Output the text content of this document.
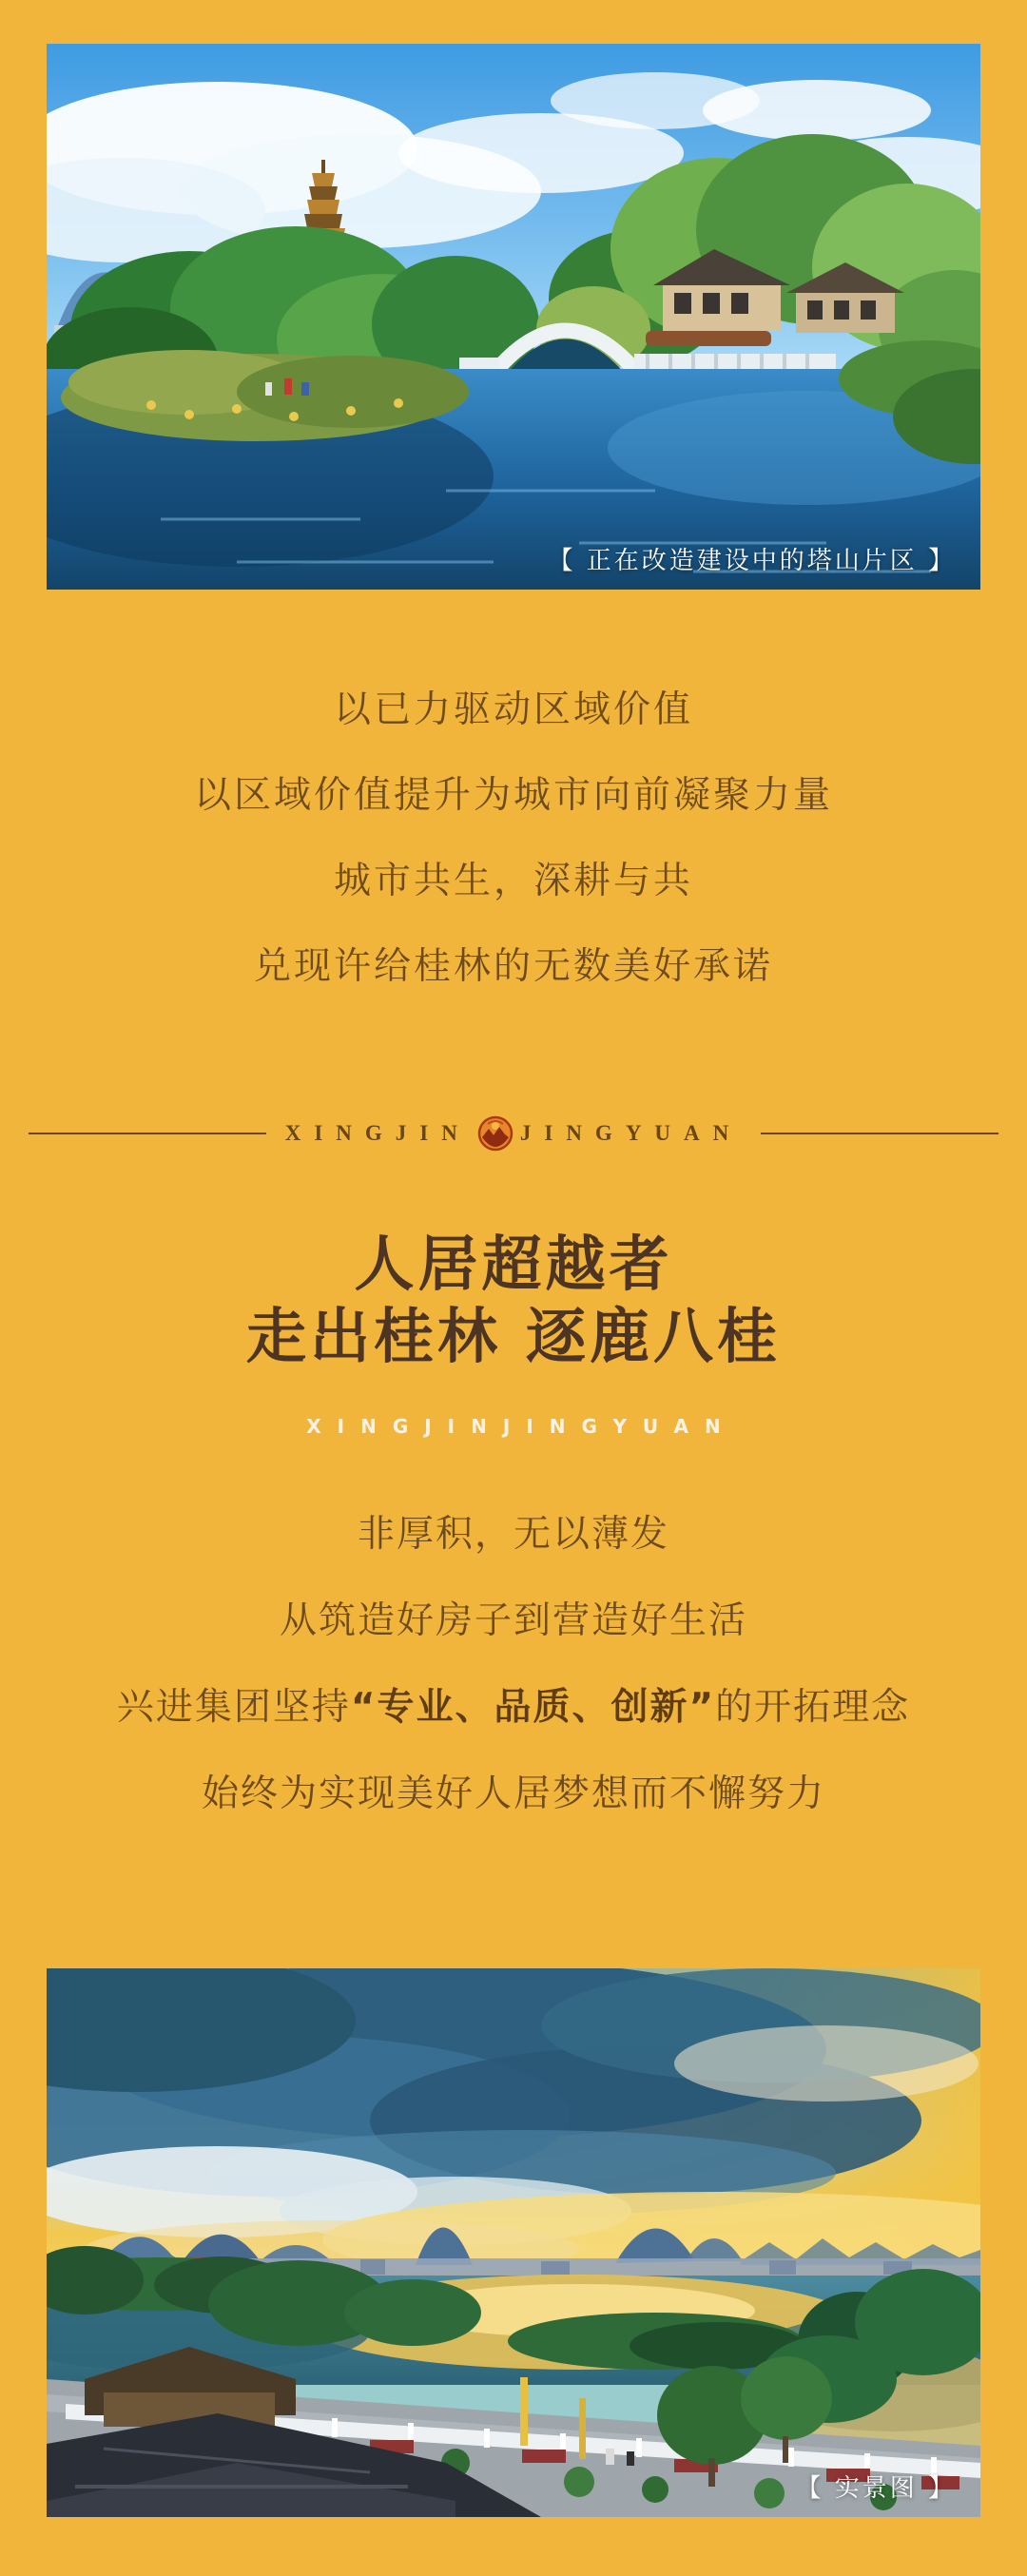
【 正在改造建设中的塔山片区 】
以已力驱动区域价值
以区域价值提升为城市向前凝聚力量
城市共生，深耕与共
兑现许给桂林的无数美好承诺
XINGJIN JINGYUAN
人居超越者
走出桂林 逐鹿八桂
XINGJINJINGYUAN
非厚积，无以薄发
从筑造好房子到营造好生活
兴进集团坚持“专业、品质、创新”的开拓理念
始终为实现美好人居梦想而不懈努力
【 实景图 】
